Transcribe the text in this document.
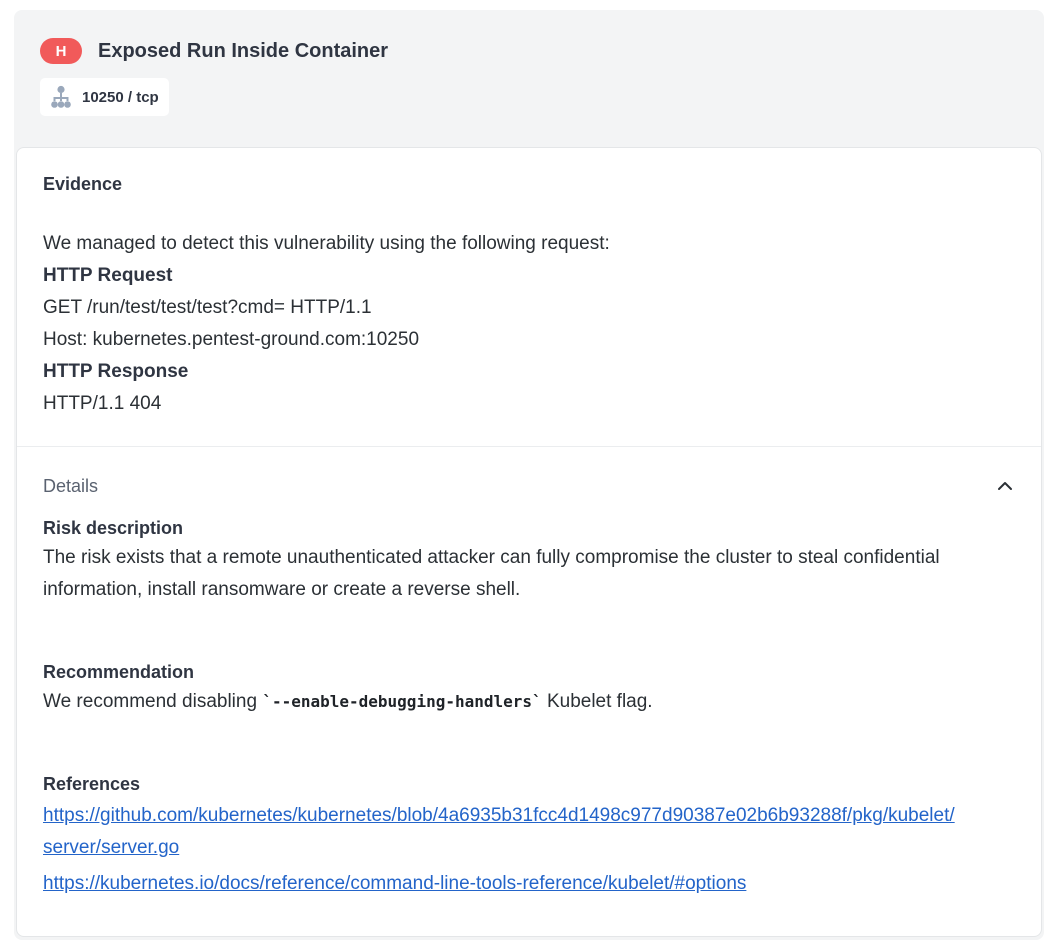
H	Exposed Run Inside Container
10250 / tcp
Evidence
We managed to detect this vulnerability using the following request:
HTTP Request
GET /run/test/test/test?cmd= HTTP/1.1
Host: kubernetes.pentest-ground.com:10250
HTTP Response
HTTP/1.1 404
Details
Risk description
The risk exists that a remote unauthenticated attacker can fully compromise the cluster to steal confidential information, install ransomware or create a reverse shell.
Recommendation
We recommend disabling `--enable-debugging-handlers` Kubelet flag.
References
https://github.com/kubernetes/kubernetes/blob/4a6935b31fcc4d1498c977d90387e02b6b93288f/pkg/kubelet/server/server.go
https://kubernetes.io/docs/reference/command-line-tools-reference/kubelet/#options
